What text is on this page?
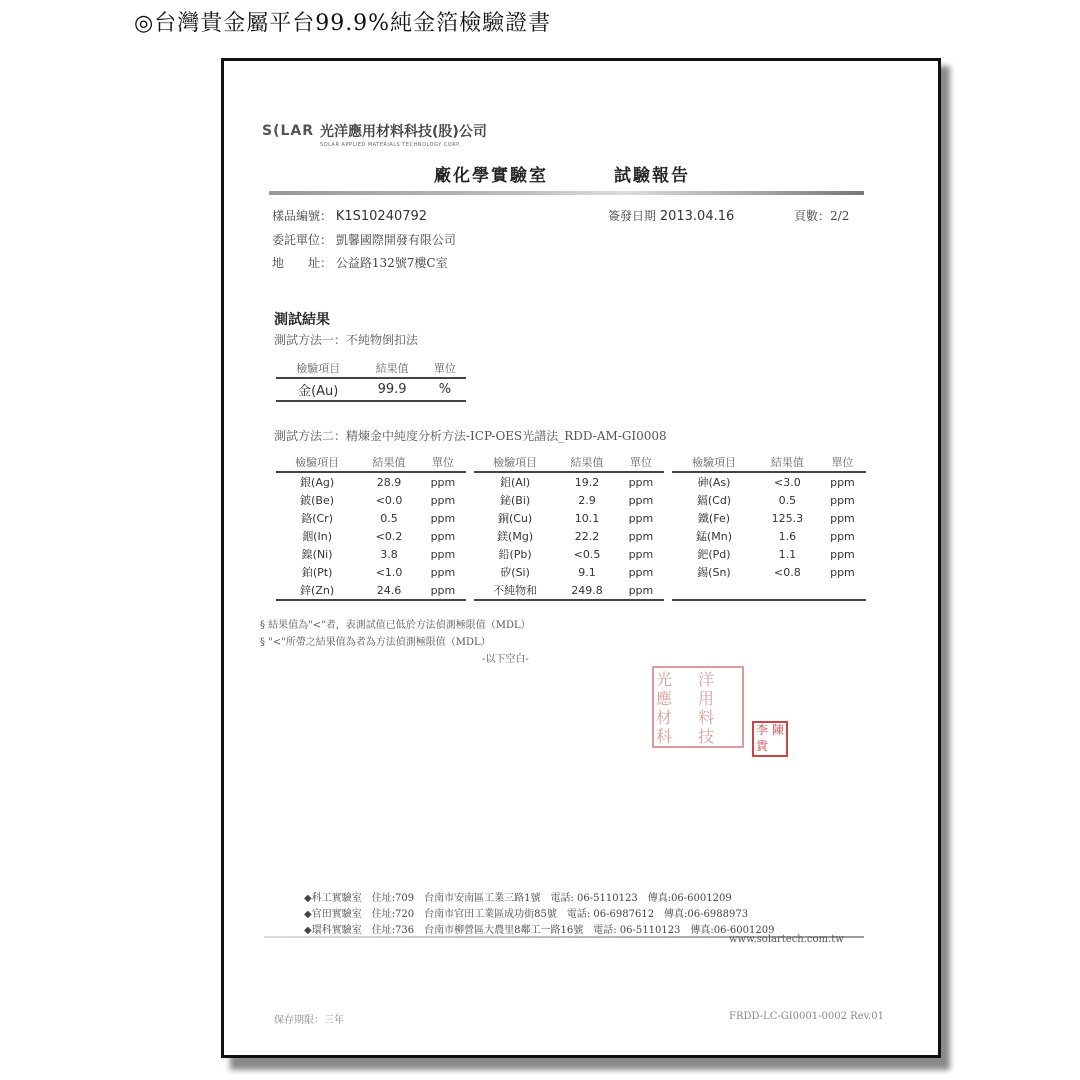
◎台灣貴金屬平台99.9%純金箔檢驗證書
S(LAR 光洋應用材料科技(股)公司
SOLAR APPLIED MATERIALS TECHNOLOGY CORP.
廠化學實驗室	試驗報告
樣品編號： K1S10240792	簽發日期 2013.04.16	頁數：2/2
委託單位： 凱馨國際開發有限公司
地　　址： 公益路132號7樓C室
測試結果
測試方法一：不純物倒扣法
檢驗項目	結果值	單位
金(Au)	99.9	%
測試方法二：精煉金中純度分析方法-ICP-OES光譜法_RDD-AM-GI0008
檢驗項目	結果值	單位
銀(Ag)	28.9	ppm
鈹(Be)	<0.0	ppm
鉻(Cr)	0.5	ppm
銦(In)	<0.2	ppm
鎳(Ni)	3.8	ppm
鉑(Pt)	<1.0	ppm
鋅(Zn)	24.6	ppm
檢驗項目	結果值	單位
鋁(Al)	19.2	ppm
鉍(Bi)	2.9	ppm
銅(Cu)	10.1	ppm
鎂(Mg)	22.2	ppm
鉛(Pb)	<0.5	ppm
矽(Si)	9.1	ppm
不純物和	249.8	ppm
檢驗項目	結果值	單位
砷(As)	<3.0	ppm
鎘(Cd)	0.5	ppm
鐵(Fe)	125.3	ppm
錳(Mn)	1.6	ppm
鈀(Pd)	1.1	ppm
錫(Sn)	<0.8	ppm

§ 結果值為"<"者，表測試值已低於方法偵測極限值（MDL）
§ "<"所帶之結果值為者為方法偵測極限值（MDL）
-以下空白-
光	洋
應	用
材	料
科	技	李 陳
貴
◆科工實驗室　住址:709　台南市安南區工業三路1號　電話: 06-5110123　傳真:06-6001209
◆官田實驗室　住址:720　台南市官田工業區成功街85號　電話: 06-6987612　傳真:06-6988973
◆環科實驗室　住址:736　台南市柳營區大農里8鄰工一路16號　電話: 06-5110123　傳真:06-6001209
www.solartech.com.tw
保存期限：三年	FRDD-LC-GI0001-0002 Rev.01
